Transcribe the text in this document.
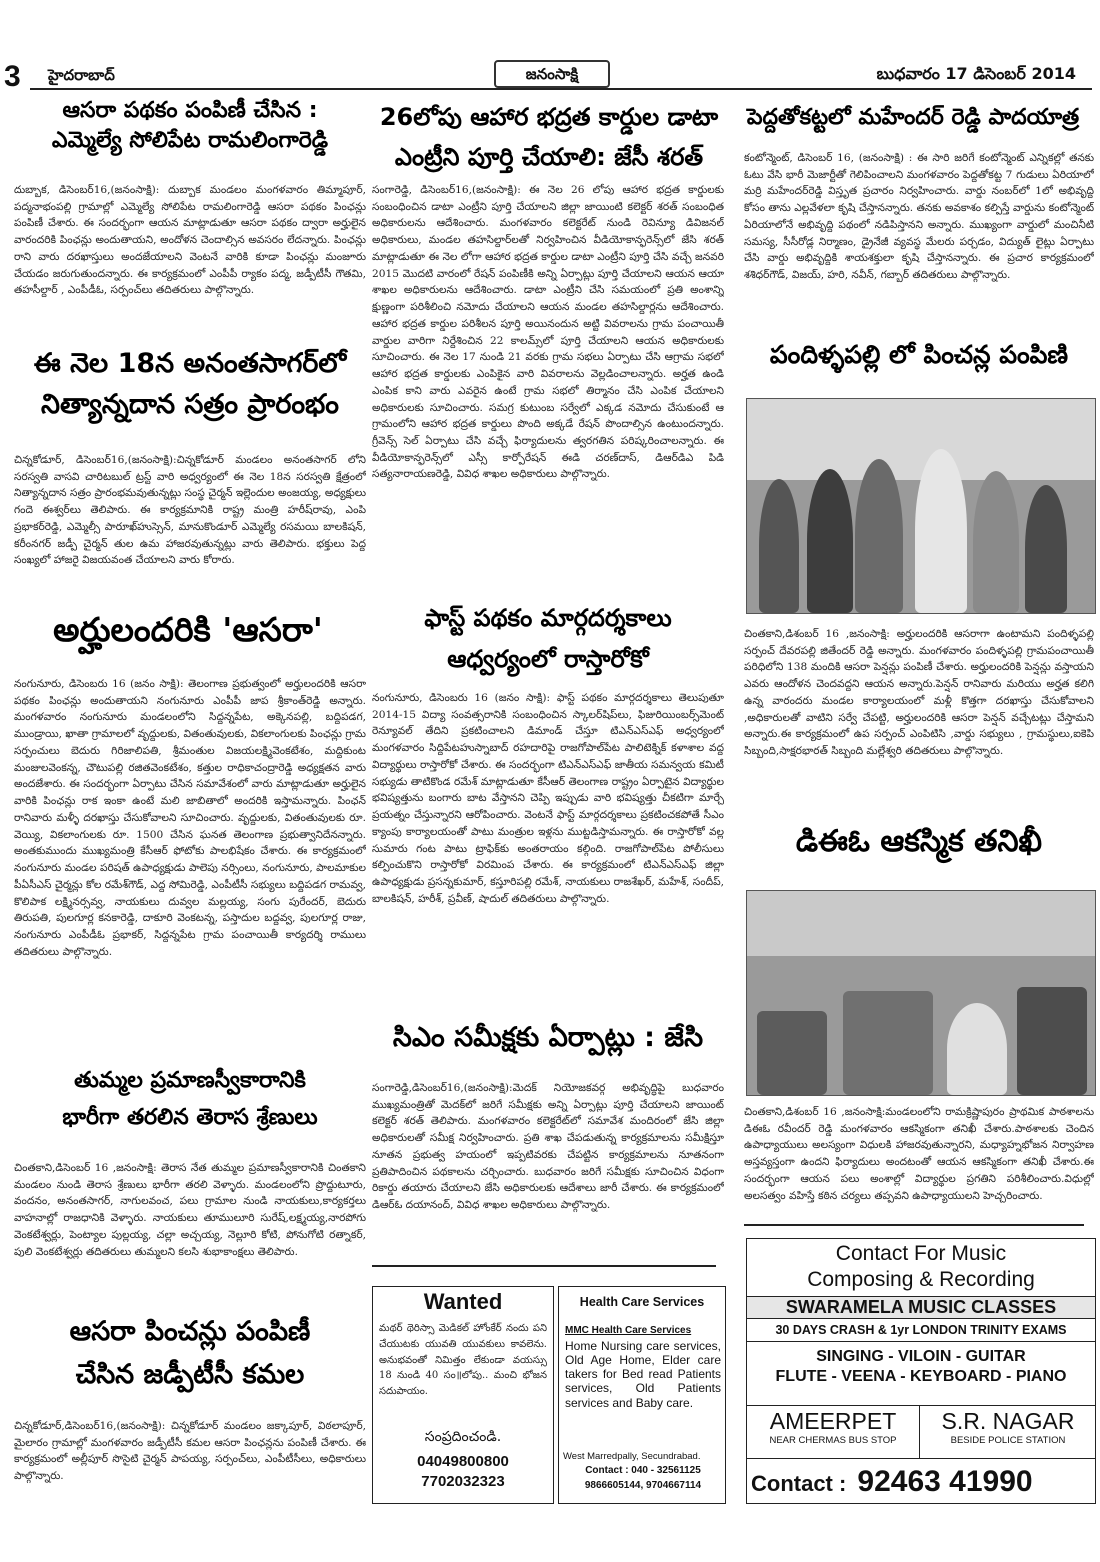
3 హైదరాబాద్	జనంసాక్షి	బుధవారం 17 డిసెంబర్ 2014
ఆసరా పథకం పంపిణీ చేసిన :
ఎమ్మెల్యే సోలిపేట రామలింగారెడ్డి
దుబ్బాక, డిసెంబర్16,(జనంసాక్షి): దుబ్బాక మండలం మంగళవారం తిమ్మాపూర్, పద్మనాభంపల్లి గ్రామాల్లో ఎమ్మెల్యే సోలిపేట రామలింగారెడ్డి ఆసరా పథకం పింఛన్లు పంపిణీ చేశారు. ఈ సందర్భంగా ఆయన మాట్లాడుతూ ఆసరా పథకం ద్వారా అర్హులైన వారందరికి పింఛన్లు అందుతాయని, అందోళన చెందాల్సిన అవసరం లేదన్నారు. పింఛన్లు రాని వారు దరఖాస్తులు అందజేయాలని వెంటనే వారికి కూడా పింఛన్లు మంజూరు చేయడం జరుగుతుందన్నారు. ఈ కార్యక్రమంలో ఎంపీపీ ర్యాకం పద్మ, జడ్పీటీసీ గౌతమి, తహసీల్దార్ , ఎంపీడీఓ, సర్పంచ్‌లు తదితరులు పాల్గొన్నారు.
ఈ నెల 18న అనంతసాగర్‌లో
నిత్యాన్నదాన సత్రం ప్రారంభం
చిన్నకోడూర్, డిసెంబర్16,(జనంసాక్షి):చిన్నకోడూర్ మండలం అనంతసాగర్ లోని సరస్వతి వాసవి చారిటబుల్ ట్రస్ట్ వారి అధ్వర్యంలో ఈ నెల 18న సరస్వతి క్షేత్రంలో నిత్యాన్నదాన సత్రం ప్రారంభమవుతున్నట్లు సంస్థ చైర్మన్ ఇల్లెందుల అంజయ్య, అధ్యక్షులు గందె ఈశ్వర్‌లు తెలిపారు. ఈ కార్యక్రమానికి రాష్ట్ర మంత్రి హరీష్‌రావు, ఎంపి ప్రభాకర్‌రెడ్డి, ఎమ్మెల్సీ పారూఖ్‌హుస్సెన్, మానుకొండూర్ ఎమ్మెల్యే రసమయి బాలకిషన్, కరీంనగర్ జడ్పీ చైర్మన్ తుల ఉమ హాజరవుతున్నట్లు వారు తెలిపారు. భక్తులు పెద్ద సంఖ్యలో హాజరై విజయవంత చేయాలని వారు కోరారు.
అర్హులందరికి 'ఆసరా'
నంగునూరు, డిసెంబరు 16 (జనం సాక్షి): తెలంగాణ ప్రభుత్వంలో అర్హులందరికి ఆసరా పథకం పింఛన్లు అందుతాయని నంగునూరు ఎంపీపీ జాప శ్రీకాంత్‌రెడ్డి అన్నారు. మంగళవారం నంగునూరు మండలంలోని సిద్దన్నపేట, అక్కెనపల్లి, బద్దిపడగ, ముండ్రాయి, ఖాతా గ్రామాలలో వృద్దులకు, వితంతువులకు, వికలాంగులకు పింఛన్లు గ్రామ సర్పంచులు బెదురు గిరిజాలిపతి, శ్రీమంతుల విజయలక్ష్మివెంకటేశం, మద్దికుంట మంజులవెంకన్న, చౌటుపల్లి రజితవెంకటేశం, కత్తుల రాధికాచంద్రారెడ్డి అధ్యక్షతన వారు అందజేశారు. ఈ సందర్భంగా ఏర్పాటు చేసిన సమావేశంలో వారు మాట్లాడుతూ అర్హులైన వారికి పింఛన్లు రాక ఇంకా ఉంటే మలి జాబితాలో అందరికి ఇస్తామన్నారు. పింఛన్ రానివారు మళ్ళీ దరఖాస్తు చేసుకోవాలని సూచించారు. వృద్దులకు, వితంతువులకు రూ. వెయ్యి, వికలాంగులకు రూ. 1500 చేసిన ఘనత తెలంగాణ ప్రభుత్వానిదేనన్నారు. అంతకుముందు ముఖ్యమంత్రి కేసీఆర్ ఫోటోకు పాలభిషేకం చేశారు. ఈ కార్యక్రమంలో నంగునూరు మండల పరిషత్ ఉపాధ్యక్షుడు పాలెపు నర్సింలు, నంగునూరు, పాలమాకుల పీఏసీఎస్ చైర్మన్లు కోల రమేశ్‌గౌడ్, ఎద్ద సోమిరెడ్డి, ఎంపీటీసీ సభ్యులు బద్దిపడగ రామవ్వ, కొలిపాక లక్ష్మినర్సవ్వ, నాయకులు దువ్వల మల్లయ్య, సంగు పురేందర్, బెదురు తిరుపతి, పులగూర్ల కనకారెడ్డి, దాకూరి వెంకటన్న, పస్తాదుల బద్దవ్వ, పులగూర్ల రాజు, నంగునూరు ఎంపీడీఓ ప్రభాకర్, సిద్దన్నపేట గ్రామ పంచాయితీ కార్యదర్శి రాములు తదితరులు పాల్గొన్నారు.
తుమ్మల ప్రమాణస్వీకారానికి
భారీగా తరలిన తెరాస శ్రేణులు
చింతకాని,డిసెంబర్ 16 ,జనంసాక్షి: తెరాస నేత తుమ్మల ప్రమాణస్వీకారానికి చింతకాని మండలం నుండి తెరాస శ్రేణులు భారీగా తరలి వెళ్ళారు. మండలంలోని ప్రొద్దుటూరు, వందనం, అనంతసాగర్, నాగులవంచ, పలు గ్రామాల నుండి నాయకులు,కార్యకర్తలు వాహనాల్లో రాజధానికి వెళ్ళారు. నాయకులు తూములూరి సురేష్,లక్ష్మయ్య,నారపోగు వెంకటేశ్వర్లు, పెంట్యాల పుల్లయ్య, చల్లా అచ్చయ్య, నెల్లూరి కోటి, పోనుగోటి రత్నాకర్, పులి వెంకటేశ్వర్లు తదితరులు తుమ్మలని కలసి శుభాకాంక్షలు తెలిపారు.
ఆసరా పించన్లు పంపిణీ
చేసిన జడ్పీటీసీ కమల
చిన్నకోడూర్,డిసెంబర్16,(జనంసాక్షి): చిన్నకోడూర్ మండలం జక్కాపూర్, విఠలాపూర్, మైలారం గ్రామాల్లో మంగళవారం జడ్పీటీసీ కమల ఆసరా పింఛన్లను పంపిణీ చేశారు. ఈ కార్యక్రమంలో అల్లీపూర్ సొసైటి చైర్మన్ పాపయ్య, సర్పంచ్‌లు, ఎంపీటీసీలు, అధికారులు పాల్గొన్నారు.
26లోపు ఆహార భద్రత కార్డుల డాటా
ఎంట్రీని పూర్తి చేయాలి: జేసీ శరత్
సంగారెడ్డి, డిసెంబర్16,(జనంసాక్షి): ఈ నెల 26 లోపు ఆహార భద్రత కార్డులకు సంబంధించిన డాటా ఎంట్రీని పూర్తి చేయాలని జిల్లా జాయింటి కలెక్టర్ శరత్ సంబంధిత అధికారులను ఆదేశించారు. మంగళవారం కలెక్టరేట్ నుండి రెవిన్యూ డివిజనల్ అధికారులు, మండల తహసిల్దార్‌లతో నిర్వహించిన వీడియోకాన్ఫరెన్స్‌లో జేసి శరత్ మాట్లాడుతూ ఈ నెల లోగా ఆహార భద్రత కార్డుల డాటా ఎంట్రీని పూర్తి చేసి వచ్చే జనవరి 2015 మొదటి వారంలో రేషన్ పంపిణీకి అన్ని ఏర్పాట్లు పూర్తి చేయాలని ఆయన ఆయా శాఖల అధికారులను ఆదేశించారు. డాటా ఎంట్రీని చేసి సమయంలో ప్రతి అంశాన్ని క్షుణ్ణంగా పరిశీలించి నమోదు చేయాలని ఆయన మండల తహసిల్దార్లను ఆదేశించారు. ఆహార భద్రత కార్డుల పరిశీలన పూర్తి అయినందున అట్టి వివరాలను గ్రామ పంచాయితీ వార్డుల వారిగా నిర్దేశించిన 22 కాలమ్స్‌లో పూర్తి చేయాలని ఆయన అధికారులకు సూచించారు. ఈ నెల 17 నుండి 21 వరకు గ్రామ సభలు ఏర్పాటు చేసి ఆగ్రామ సభలో ఆహార భద్రత కార్డులకు ఎంపికైన వారి వివరాలను వెల్లడించాలన్నారు. అర్హత ఉండి ఎంపిక కాని వారు ఎవరైన ఉంటే గ్రామ సభలో తిర్మానం చేసి ఎంపిక చేయాలని అధికారులకు సూచించారు. సమగ్ర కుటుంబ సర్వేలో ఎక్కడ నమోదు చేసుకుంటే ఆ గ్రామంలోని ఆహార భద్రత కార్డులు పొంది అక్కడే రేషన్ పొందాల్సిన ఉంటుందన్నారు. గ్రీవెన్స్ సెల్ ఏర్పాటు చేసి వచ్చే ఫిర్యాదులను త్వరగతిన పరిష్కరించాలన్నారు. ఈ వీడియోకాన్ఫరెన్స్‌లో ఎస్సీ కార్పోరేషన్ ఈడి చరణ్‌దాస్, డిఆర్‌డిఎ పిడి సత్యనారాయణరెడ్డి, వివిధ శాఖల అధికారులు పాల్గొన్నారు.
ఫాస్ట్ పథకం మార్గదర్శకాలు
ఆధ్వర్యంలో రాస్తారోకో
నంగునూరు, డిసెంబరు 16 (జనం సాక్షి): ఫాస్ట్ పథకం మార్గదర్శకాలు తెలుపుతూ 2014-15 విద్యా సంవత్సరానికి సంబంధించిన స్కాలర్‌షిప్‌లు, ఫిజురియింబర్స్‌మెంట్ రెన్యూవల్ తేదిని ప్రకటించాలని డిమాండ్ చేస్తూ టిఎన్‌ఎస్‌ఎఫ్ అధ్వర్యంలో మంగళవారం సిద్దిపేటహుస్నాబాద్ రహదారిపై రాజగోపాల్‌పేట పాలిటెక్నిక్ కళాశాల వద్ద విద్యార్థులు రాస్తారోకో చేశారు. ఈ సందర్భంగా టిఎన్‌ఎస్‌ఎఫ్ జాతీయ సమన్వయ కమిటీ సభ్యుడు తాటికొండ రమేశ్ మాట్లాడుతూ కేసీఆర్ తెలంగాణ రాష్ట్రం ఏర్పాటైన విద్యార్థుల భవిష్యత్తును బంగారు బాట వేస్తానని చెప్పి ఇప్పుడు వారి భవిష్యత్తు చీకటిగా మార్చే ప్రయత్నం చేస్తున్నారని ఆరోపించారు. వెంటనే ఫాస్ట్ మార్గదర్శకాలు ప్రకటించకపోతే సీఎం క్యాంపు కార్యాలయంతో పాటు మంత్రుల ఇళ్లను ముట్టడిస్తామన్నారు. ఈ రాస్తారోకో వల్ల సుమారు గంట పాటు ట్రాఫిక్‌కు అంతరాయం కల్గింది. రాజగోపాల్‌పేట పోలీసులు కల్పించుకొని రాస్తారోకో విరమింప చేశారు. ఈ కార్యక్రమంలో టిఎన్‌ఎస్‌ఎఫ్ జిల్లా ఉపాధ్యక్షుడు ప్రసన్నకుమార్, కస్తూరిపల్లి రమేశ్, నాయకులు రాజశేఖర్, మహేశ్, సందీప్, బాలకిషన్, హరీశ్, ప్రవీణ్, షాదుల్ తదితరులు పాల్గొన్నారు.
సిఎం సమీక్షకు ఏర్పాట్లు : జేసి
సంగారెడ్డి,డిసెంబర్16,(జనంసాక్షి):మెదక్ నియోజకవర్గ అభివృద్ధిపై బుధవారం ముఖ్యమంత్రితో మెదక్‌లో జరిగే సమీక్షకు అన్ని ఏర్పాట్లు పూర్తి చేయాలని జాయింట్ కలెక్టర్ శరత్ తెలిపారు. మంగళవారం కలెక్టరేట్‌లో సమావేశ మందిరంలో జేసి జిల్లా అధికారులతో సమీక్ష నిర్వహించారు. ప్రతి శాఖ చేపడుతున్న కార్యక్రమాలను సమీక్షిస్తూ నూతన ప్రభుత్వ హయంలో ఇప్పటివరకు చేపట్టిన కార్యక్రమాలను నూతనంగా ప్రతిపాదించిన పథకాలను చర్చించారు. బుధవారం జరిగే సమీక్షకు సూచించిన విధంగా రికార్డు తయారు చేయాలని జేసి అధికారులకు ఆదేశాలు జారీ చేశారు. ఈ కార్యక్రమంలో డిఆర్‌ఓ దయానంద్, వివిధ శాఖల అధికారులు పాల్గొన్నారు.
Wanted
మథర్ థెరిస్సా మెడికల్ హోంకేర్ నందు పని చేయుటకు యువతి యువకులు కావలెను. అనుభవంతో నిమిత్తం లేకుండా వయస్సు 18 నుండి 40 సం॥లోపు.. మంచి భోజన సదుపాయం.
సంప్రదించండి.
04049800800
7702032323
Health Care Services
MMC Health Care Services
Home Nursing care services, Old Age Home, Elder care takers for Bed read Patients services, Old Patients services and Baby care.
West Marredpally, Secundrabad.
Contact : 040 - 32561125
9866605144, 9704667114
పెద్దతోకట్టలో మహేందర్ రెడ్డి పాదయాత్ర
కంటోన్మెంట్, డిసెంబర్ 16, (జనంసాక్షి) : ఈ సారి జరిగే కంటోన్మెంట్ ఎన్నికల్లో తనకు ఓటు వేసి భారీ మెజార్టీతో గెలిపించాలని మంగళవారం పెద్దతోకట్ట 7 గుడులు ఏరియాలో మర్రి మహేందర్‌రెడ్డి విస్తృత ప్రచారం నిర్వహించారు. వార్డు నంబర్‌లో 1లో అభివృద్ది కోసం తాను ఎల్లవేళలా కృషి చేస్తానన్నారు. తనకు అవకాశం కల్పిస్తే వార్డును కంటోన్మెంట్ ఏరియాలోనే అభివృద్ది పథంలో నడిపిస్తానని అన్నారు. ముఖ్యంగా వార్డులో మంచినీటి సమస్య, సీసీరోడ్ల నిర్మాణం, డ్రైనేజీ వ్యవస్థ మేలరు పర్చడం, విద్యుత్ లైట్లు ఏర్పాటు చేసి వార్డు అభివృద్దికి శాయశక్తులా కృషి చేస్తానన్నారు. ఈ ప్రచార కార్యక్రమంలో శశిధర్‌గౌడ్, విజయ్, హరి, నవీన్, గబ్బార్ తదితరులు పాల్గొన్నారు.
పందిళ్ళపల్లి లో పించన్ల పంపిణి
చింతకాని,డిశంబర్ 16 ,జనంసాక్షి: అర్హులందరికి ఆసరాగా ఉంటామని పందిళ్ళపల్లి సర్పంచ్ దేవరపల్లి జితేందర్ రెడ్డి అన్నారు. మంగళవారం పందిళ్ళపల్లి గ్రామపంచాయితీ పరిధిలోని 138 మందికి ఆసరా పెన్షన్లు పంపిణీ చేశారు. అర్హులందరికి పెన్షన్లు వస్తాయని ఎవరు ఆందోళన చెందవద్దని ఆయన అన్నారు.పెన్షన్ రానివారు మరియు అర్హత కలిగి ఉన్న వారందరు మండల కార్యాలయంలో మళ్లీ కొత్తగా దరఖాస్తు చేసుకోవాలని ,అధికారులతో వాటిని సర్వే చేపట్టి, అర్హులందరికి ఆసరా పెన్షన్ వచ్చేటట్లు చేస్తామని అన్నారు.ఈ కార్యక్రమంలో ఉప సర్పంచ్ ఎంపిటిసి ,వార్డు సభ్యులు , గ్రామస్థులు,ఐకెపి సిబ్బంది,సాక్షరభారత్ సిబ్బంది మల్లేశ్వరి తదితరులు పాల్గొన్నారు.
డిఈఓ ఆకస్మిక తనిఖీ
చింతకాని,డిశంబర్ 16 ,జనంసాక్షి:మండలంలోని రామక్రిష్ణాపురం ప్రాథమిక పాఠశాలను డిఈఓ రవీందర్ రెడ్డి మంగళవారం ఆకస్మికంగా తనిఖీ చేశారు.పాఠశాలకు చెందిన ఉపాధ్యాయులు అలస్యంగా విధులకి హాజరవుతున్నారని, మధ్యాహ్నభోజన నిర్వాహణ అస్తవ్యస్తంగా ఉందని ఫిర్యాదులు అందటంతో ఆయన ఆకస్మికంగా తనిఖీ చేశారు.ఈ సందర్భంగా ఆయన పలు అంశాల్లో విద్యార్థుల ప్రగతిని పరిశీలించారు.విధుల్లో అలసత్వం వహిస్తే కఠిన చర్యలు తప్పవని ఉపాధ్యాయులని హెచ్చరించారు.
Contact For Music
Composing & Recording
SWARAMELA MUSIC CLASSES
30 DAYS CRASH & 1yr LONDON TRINITY EXAMS
SINGING - VILOIN - GUITAR
FLUTE - VEENA - KEYBOARD - PIANO
AMEERPET
NEAR CHERMAS BUS STOP
S.R. NAGAR
BESIDE POLICE STATION
Contact : 92463 41990
